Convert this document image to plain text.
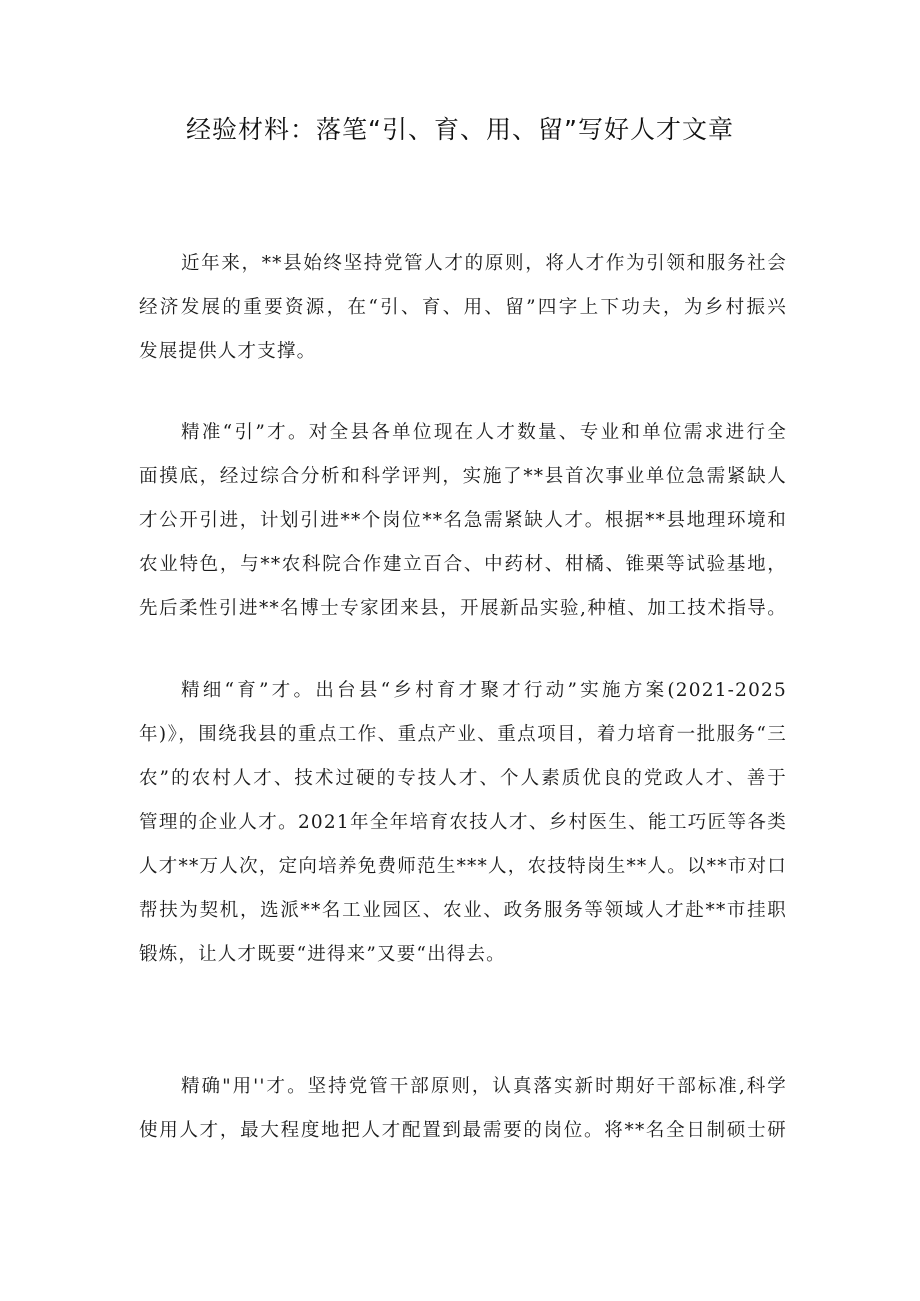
经验材料：落笔“引、育、用、留”写好人才文章
近年来，**县始终坚持党管人才的原则，将人才作为引领和服务社会
经济发展的重要资源，在“引、育、用、留”四字上下功夫，为乡村振兴
发展提供人才支撑。
精准“引”才。对全县各单位现在人才数量、专业和单位需求进行全
面摸底，经过综合分析和科学评判，实施了**县首次事业单位急需紧缺人
才公开引进，计划引进**个岗位**名急需紧缺人才。根据**县地理环境和
农业特色，与**农科院合作建立百合、中药材、柑橘、锥栗等试验基地，
先后柔性引进**名博士专家团来县，开展新品实验,种植、加工技术指导。
精细“育”才。出台县“乡村育才聚才行动”实施方案(2021-2025
年)》，围绕我县的重点工作、重点产业、重点项目，着力培育一批服务“三
农”的农村人才、技术过硬的专技人才、个人素质优良的党政人才、善于
管理的企业人才。2021年全年培育农技人才、乡村医生、能工巧匠等各类
人才**万人次，定向培养免费师范生***人，农技特岗生**人。以**市对口
帮扶为契机，选派**名工业园区、农业、政务服务等领域人才赴**市挂职
锻炼，让人才既要“进得来”又要“出得去。
精确"用''才。坚持党管干部原则，认真落实新时期好干部标准,科学
使用人才，最大程度地把人才配置到最需要的岗位。将**名全日制硕士研
